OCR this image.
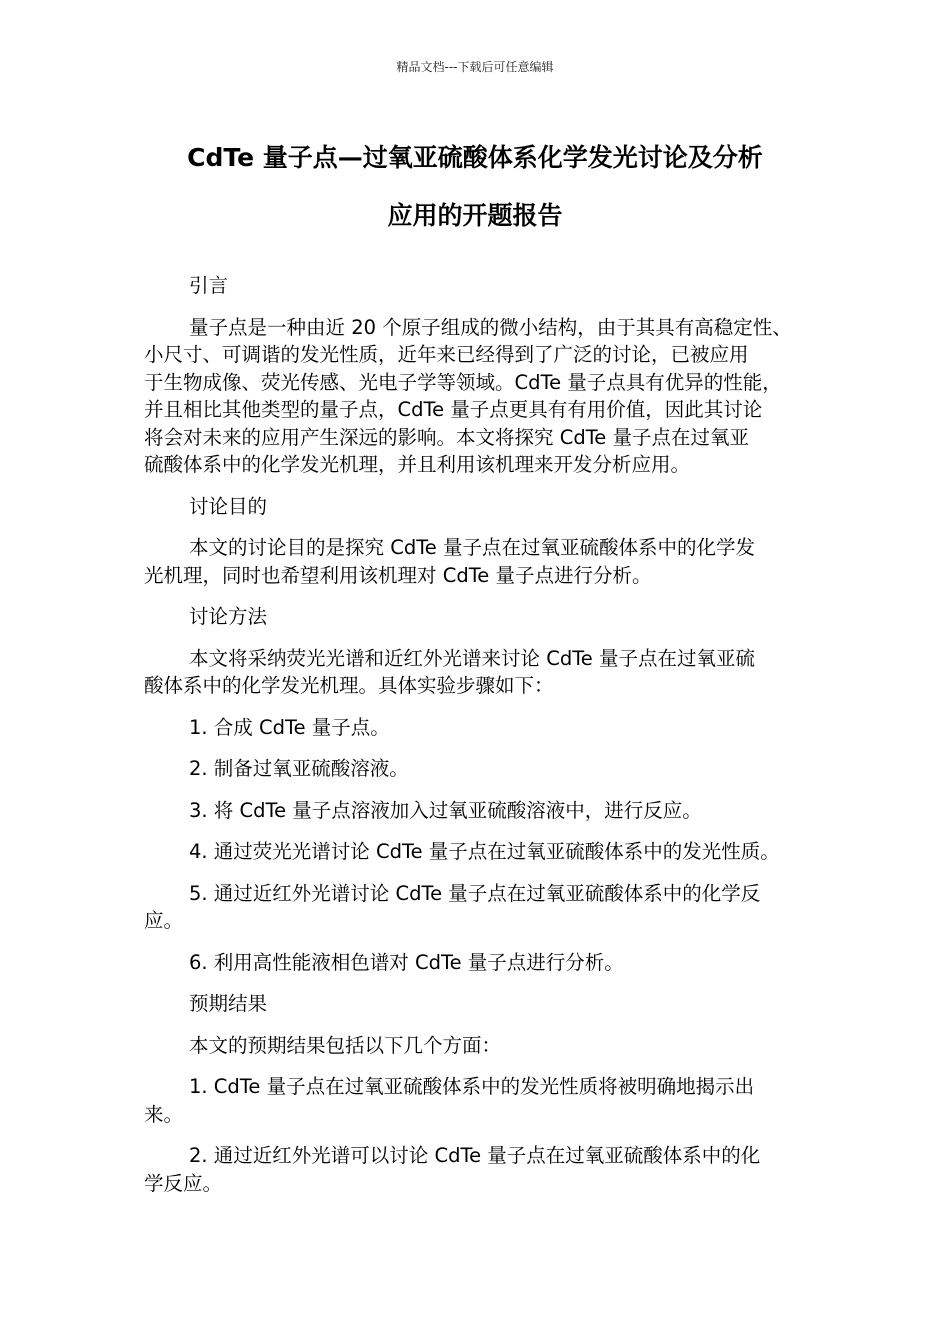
精品文档---下载后可任意编辑
CdTe 量子点—过氧亚硫酸体系化学发光讨论及分析
应用的开题报告
引言
量子点是一种由近 20 个原子组成的微小结构，由于其具有高稳定性、
小尺寸、可调谐的发光性质，近年来已经得到了广泛的讨论，已被应用
于生物成像、荧光传感、光电子学等领域。CdTe 量子点具有优异的性能，
并且相比其他类型的量子点，CdTe 量子点更具有有用价值，因此其讨论
将会对未来的应用产生深远的影响。本文将探究 CdTe 量子点在过氧亚
硫酸体系中的化学发光机理，并且利用该机理来开发分析应用。
讨论目的
本文的讨论目的是探究 CdTe 量子点在过氧亚硫酸体系中的化学发
光机理，同时也希望利用该机理对 CdTe 量子点进行分析。
讨论方法
本文将采纳荧光光谱和近红外光谱来讨论 CdTe 量子点在过氧亚硫
酸体系中的化学发光机理。具体实验步骤如下：
1. 合成 CdTe 量子点。
2. 制备过氧亚硫酸溶液。
3. 将 CdTe 量子点溶液加入过氧亚硫酸溶液中，进行反应。
4. 通过荧光光谱讨论 CdTe 量子点在过氧亚硫酸体系中的发光性质。
5. 通过近红外光谱讨论 CdTe 量子点在过氧亚硫酸体系中的化学反
应。
6. 利用高性能液相色谱对 CdTe 量子点进行分析。
预期结果
本文的预期结果包括以下几个方面：
1. CdTe 量子点在过氧亚硫酸体系中的发光性质将被明确地揭示出
来。
2. 通过近红外光谱可以讨论 CdTe 量子点在过氧亚硫酸体系中的化
学反应。
